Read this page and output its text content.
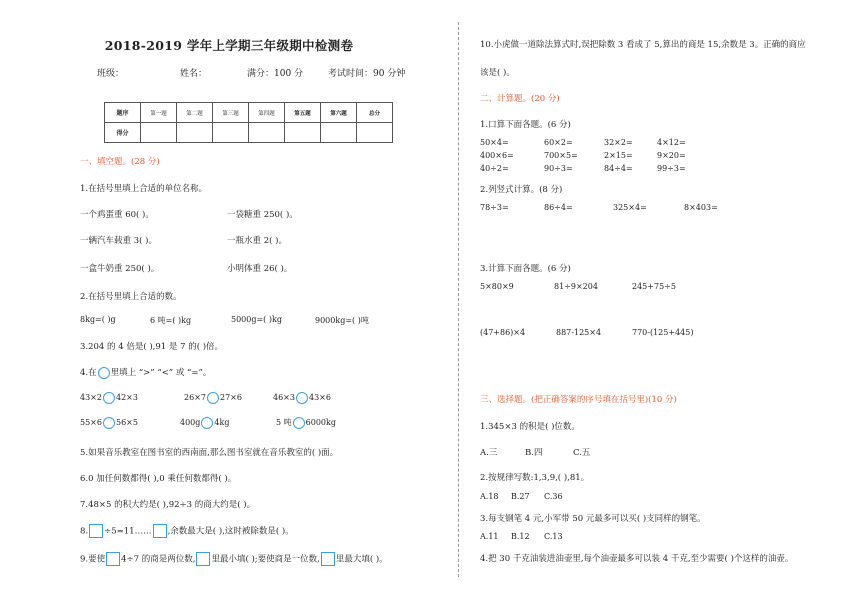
2018-2019 学年上学期三年级期中检测卷
班级：	姓名：	满分：100 分	考试时间：90 分钟
题序	第一题	第二题	第三题	第四题	第五题	第六题	总分
得分							
一、填空题。(28 分)
1.在括号里填上合适的单位名称。
一个鸡蛋重 60( )。	一袋糖重 250( )。
一辆汽车载重 3( )。	一瓶水重 2( )。
一盒牛奶重 250( )。	小明体重 26( )。
2.在括号里填上合适的数。
8kg=( )g	6 吨=( )kg	5000g=( )kg	9000kg=( )吨
3.204 的 4 倍是( ),91 是 7 的( )倍。
4.在 里填上 “>” “<” 或 “=”。
43×2 42×3	26×7 27×6	46×3 43×6
55×6 56×5	400g 4kg	5 吨 6000kg
5.如果音乐教室在图书室的西南面,那么图书室就在音乐教室的( )面。
6.0 加任何数都得( ),0 乘任何数都得( )。
7.48×5 的积大约是( ),92÷3 的商大约是( )。
8. ÷5=11…… ,余数最大是( ),这时被除数是( )。
9.要使 4÷7 的商是两位数, 里最小填( );要使商是一位数, 里最大填( )。
10.小虎做一道除法算式时,误把除数 3 看成了 5,算出的商是 15,余数是 3。正确的商应
该是( )。
二、计算题。(20 分)
1.口算下面各题。(6 分)
50×4=	60×2=	32×2=	4×12=
400×6=	700×5=	2×15=	9×20=
40÷2=	90÷3=	84÷4=	99÷3=
2.列竖式计算。(8 分)
78÷3=	86÷4=	325×4=	8×403=
3.计算下面各题。(6 分)
5×80×9	81÷9×204	245+75÷5
(47+86)×4	887-125×4	770-(125+445)
三、选择题。(把正确答案的序号填在括号里)(10 分)
1.345×3 的积是( )位数。
A.三	B.四	C.五
2.按规律写数:1,3,9,( ),81。
A.18 B.27 C.36
3.每支钢笔 4 元,小军带 50 元最多可以买( )支同样的钢笔。
A.11 B.12 C.13
4.把 30 千克油装进油壶里,每个油壶最多可以装 4 千克,至少需要( )个这样的油壶。
